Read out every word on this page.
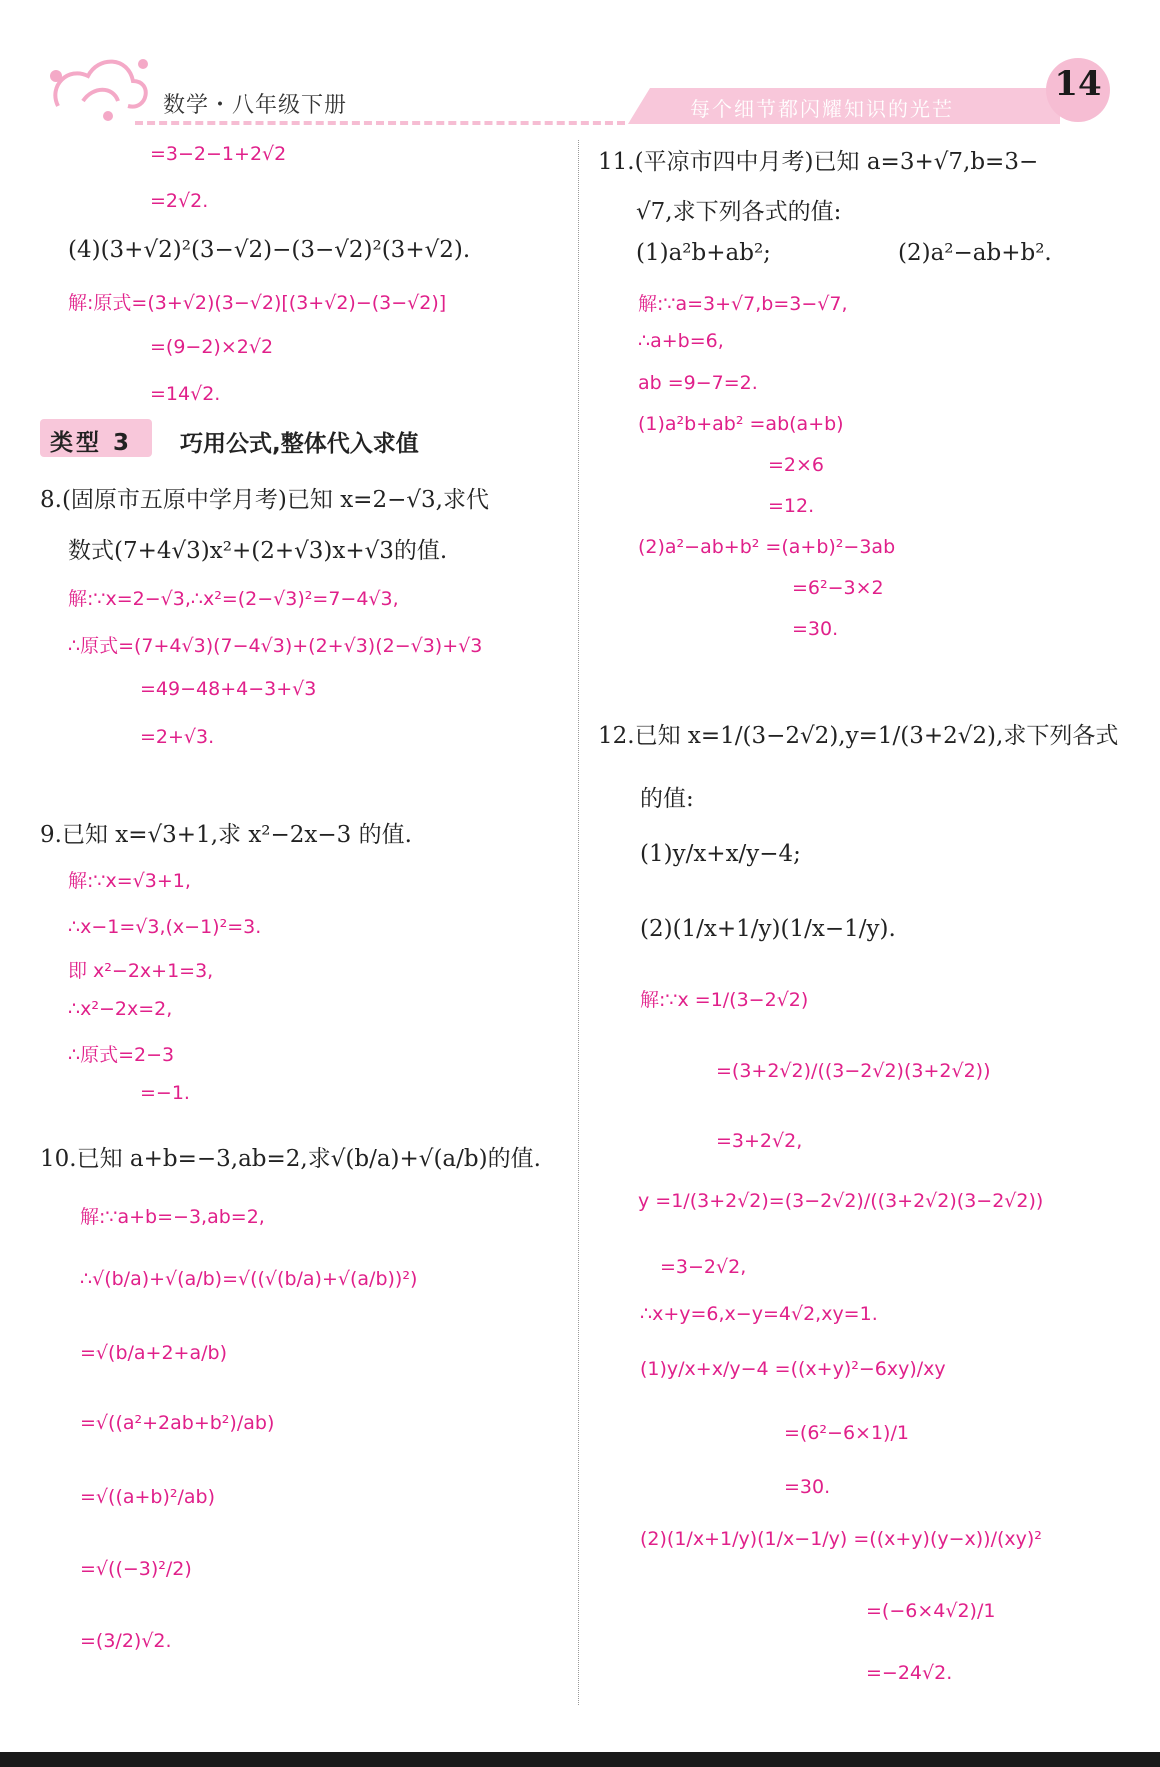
数学・八年级下册	每个细节都闪耀知识的光芒
14
=3−2−1+2√2
=2√2.
(4)(3+√2)²(3−√2)−(3−√2)²(3+√2).
解:原式=(3+√2)(3−√2)[(3+√2)−(3−√2)]
=(9−2)×2√2
=14√2.
类型 3 巧用公式,整体代入求值
8.(固原市五原中学月考)已知 x=2−√3,求代
数式(7+4√3)x²+(2+√3)x+√3的值.
解:∵x=2−√3,∴x²=(2−√3)²=7−4√3,
∴原式=(7+4√3)(7−4√3)+(2+√3)(2−√3)+√3
=49−48+4−3+√3
=2+√3.
9.已知 x=√3+1,求 x²−2x−3 的值.
解:∵x=√3+1,
∴x−1=√3,(x−1)²=3.
即 x²−2x+1=3,
∴x²−2x=2,
∴原式=2−3
=−1.
10.已知 a+b=−3,ab=2,求√(b/a)+√(a/b)的值.
解:∵a+b=−3,ab=2,
∴√(b/a)+√(a/b)=√((√(b/a)+√(a/b))²)
=√(b/a+2+a/b)
=√((a²+2ab+b²)/ab)
=√((a+b)²/ab)
=√((−3)²/2)
=(3/2)√2.
11.(平凉市四中月考)已知 a=3+√7,b=3−
√7,求下列各式的值:
(1)a²b+ab²;	(2)a²−ab+b².
解:∵a=3+√7,b=3−√7,
∴a+b=6,
ab =9−7=2.
(1)a²b+ab² =ab(a+b)
=2×6
=12.
(2)a²−ab+b² =(a+b)²−3ab
=6²−3×2
=30.
12.已知 x=1/(3−2√2),y=1/(3+2√2),求下列各式
的值:
(1)y/x+x/y−4;
(2)(1/x+1/y)(1/x−1/y).
解:∵x =1/(3−2√2)
=(3+2√2)/((3−2√2)(3+2√2))
=3+2√2,
y =1/(3+2√2)=(3−2√2)/((3+2√2)(3−2√2))
=3−2√2,
∴x+y=6,x−y=4√2,xy=1.
(1)y/x+x/y−4 =((x+y)²−6xy)/xy
=(6²−6×1)/1
=30.
(2)(1/x+1/y)(1/x−1/y) =((x+y)(y−x))/(xy)²
=(−6×4√2)/1
=−24√2.
